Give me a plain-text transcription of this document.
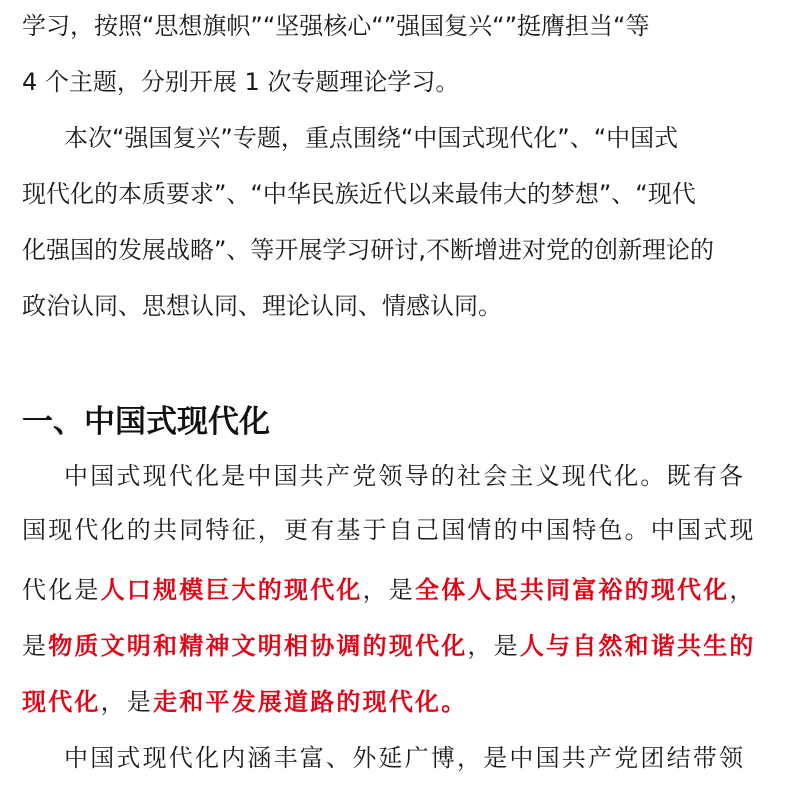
学习，按照“思想旗帜”“坚强核心“”强国复兴“”挺膺担当“等
4 个主题，分别开展 1 次专题理论学习。
本次“强国复兴”专题，重点围绕“中国式现代化”、“中国式
现代化的本质要求”、“中华民族近代以来最伟大的梦想”、“现代
化强国的发展战略”、等开展学习研讨,不断增进对党的创新理论的
政治认同、思想认同、理论认同、情感认同。
一、中国式现代化
中国式现代化是中国共产党领导的社会主义现代化。既有各
国现代化的共同特征，更有基于自己国情的中国特色。中国式现
代化是人口规模巨大的现代化，是全体人民共同富裕的现代化，
是物质文明和精神文明相协调的现代化，是人与自然和谐共生的
现代化，是走和平发展道路的现代化。
中国式现代化内涵丰富、外延广博，是中国共产党团结带领
